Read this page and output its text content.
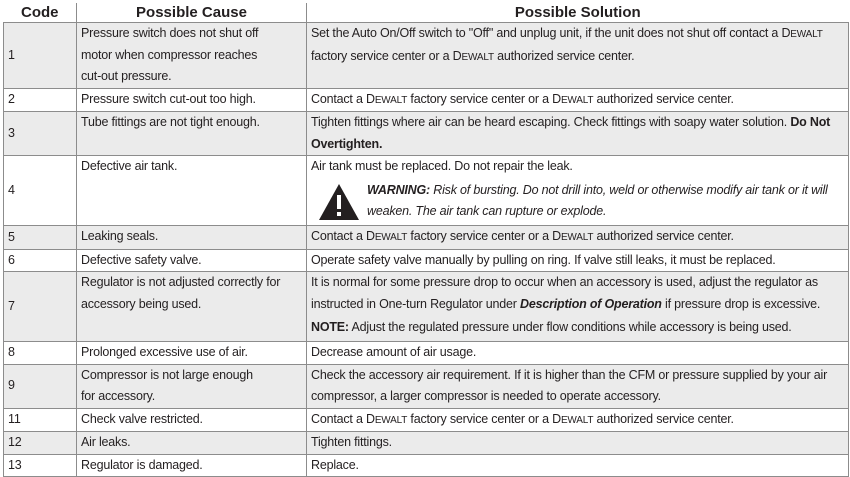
Code	Possible Cause	Possible Solution
1	Pressure switch does not shut off
motor when compressor reaches
cut-out pressure.	Set the Auto On/Off switch to "Off" and unplug unit, if the unit does not shut off contact a DEWALT
factory service center or a DEWALT authorized service center.
2	Pressure switch cut-out too high.	Contact a DEWALT factory service center or a DEWALT authorized service center.
3	Tube fittings are not tight enough.	Tighten fittings where air can be heard escaping. Check fittings with soapy water solution. Do Not Overtighten.
4	Defective air tank.	Air tank must be replaced. Do not repair the leak.
WARNING: Risk of bursting. Do not drill into, weld or otherwise modify air tank or it will weaken. The air tank can rupture or explode.

5	Leaking seals.	Contact a DEWALT factory service center or a DEWALT authorized service center.
6	Defective safety valve.	Operate safety valve manually by pulling on ring. If valve still leaks, it must be replaced.
7	Regulator is not adjusted correctly for
accessory being used.	It is normal for some pressure drop to occur when an accessory is used, adjust the regulator as instructed in One-turn Regulator under Description of Operation if pressure drop is excessive.
NOTE: Adjust the regulated pressure under flow conditions while accessory is being used.

8	Prolonged excessive use of air.	Decrease amount of air usage.
9	Compressor is not large enough
for accessory.	Check the accessory air requirement. If it is higher than the CFM or pressure supplied by your air compressor, a larger compressor is needed to operate accessory.
11	Check valve restricted.	Contact a DEWALT factory service center or a DEWALT authorized service center.
12	Air leaks.	Tighten fittings.
13	Regulator is damaged.	Replace.
